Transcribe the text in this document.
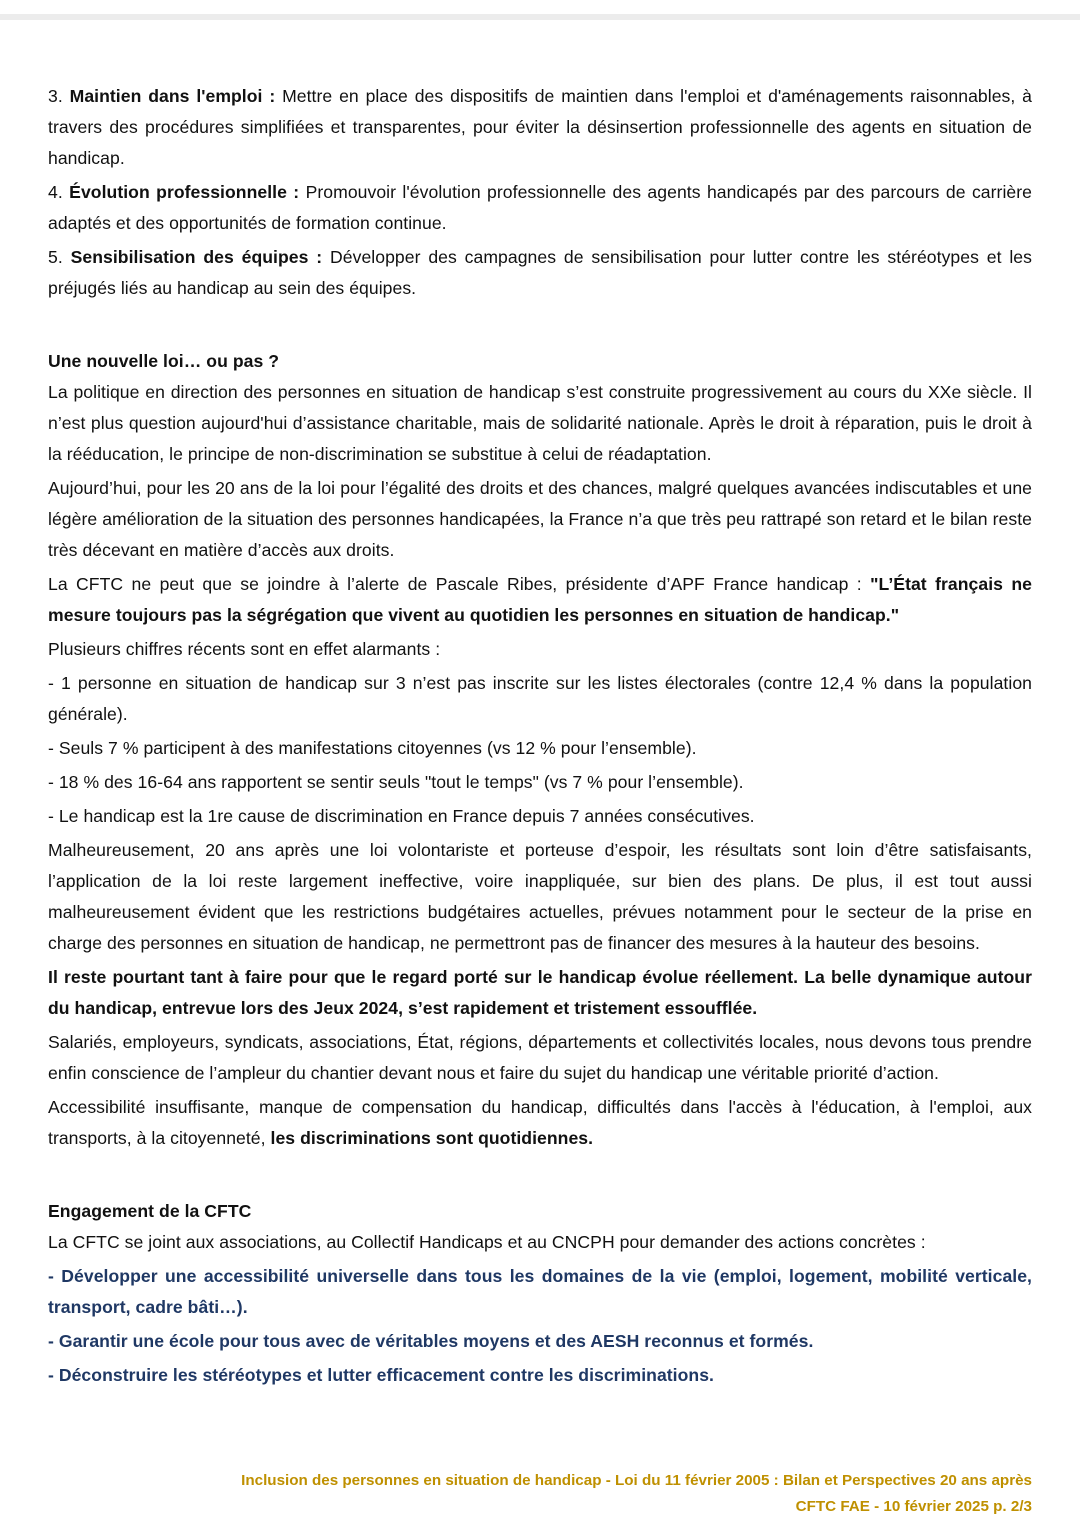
3. Maintien dans l'emploi : Mettre en place des dispositifs de maintien dans l'emploi et d'aménagements raisonnables, à travers des procédures simplifiées et transparentes, pour éviter la désinsertion professionnelle des agents en situation de handicap.

4. Évolution professionnelle : Promouvoir l'évolution professionnelle des agents handicapés par des parcours de carrière adaptés et des opportunités de formation continue.

5. Sensibilisation des équipes : Développer des campagnes de sensibilisation pour lutter contre les stéréotypes et les préjugés liés au handicap au sein des équipes.

Une nouvelle loi… ou pas ?

La politique en direction des personnes en situation de handicap s’est construite progressivement au cours du XXe siècle. Il n’est plus question aujourd'hui d’assistance charitable, mais de solidarité nationale. Après le droit à réparation, puis le droit à la rééducation, le principe de non-discrimination se substitue à celui de réadaptation.

Aujourd’hui, pour les 20 ans de la loi pour l’égalité des droits et des chances, malgré quelques avancées indiscutables et une légère amélioration de la situation des personnes handicapées, la France n’a que très peu rattrapé son retard et le bilan reste très décevant en matière d’accès aux droits.

La CFTC ne peut que se joindre à l’alerte de Pascale Ribes, présidente d’APF France handicap : "L’État français ne mesure toujours pas la ségrégation que vivent au quotidien les personnes en situation de handicap."

Plusieurs chiffres récents sont en effet alarmants :

- 1 personne en situation de handicap sur 3 n’est pas inscrite sur les listes électorales (contre 12,4 % dans la population générale).

- Seuls 7 % participent à des manifestations citoyennes (vs 12 % pour l’ensemble).

- 18 % des 16-64 ans rapportent se sentir seuls "tout le temps" (vs 7 % pour l’ensemble).

- Le handicap est la 1re cause de discrimination en France depuis 7 années consécutives.

Malheureusement, 20 ans après une loi volontariste et porteuse d’espoir, les résultats sont loin d’être satisfaisants, l’application de la loi reste largement ineffective, voire inappliquée, sur bien des plans. De plus, il est tout aussi malheureusement évident que les restrictions budgétaires actuelles, prévues notamment pour le secteur de la prise en charge des personnes en situation de handicap, ne permettront pas de financer des mesures à la hauteur des besoins.

Il reste pourtant tant à faire pour que le regard porté sur le handicap évolue réellement. La belle dynamique autour du handicap, entrevue lors des Jeux 2024, s’est rapidement et tristement essoufflée.

Salariés, employeurs, syndicats, associations, État, régions, départements et collectivités locales, nous devons tous prendre enfin conscience de l’ampleur du chantier devant nous et faire du sujet du handicap une véritable priorité d’action.

Accessibilité insuffisante, manque de compensation du handicap, difficultés dans l'accès à l'éducation, à l'emploi, aux transports, à la citoyenneté, les discriminations sont quotidiennes.

Engagement de la CFTC

La CFTC se joint aux associations, au Collectif Handicaps et au CNCPH pour demander des actions concrètes :

- Développer une accessibilité universelle dans tous les domaines de la vie (emploi, logement, mobilité verticale, transport, cadre bâti…).

- Garantir une école pour tous avec de véritables moyens et des AESH reconnus et formés.

- Déconstruire les stéréotypes et lutter efficacement contre les discriminations.

Inclusion des personnes en situation de handicap - Loi du 11 février 2005 : Bilan et Perspectives 20 ans après
CFTC FAE - 10 février 2025 p. 2/3
